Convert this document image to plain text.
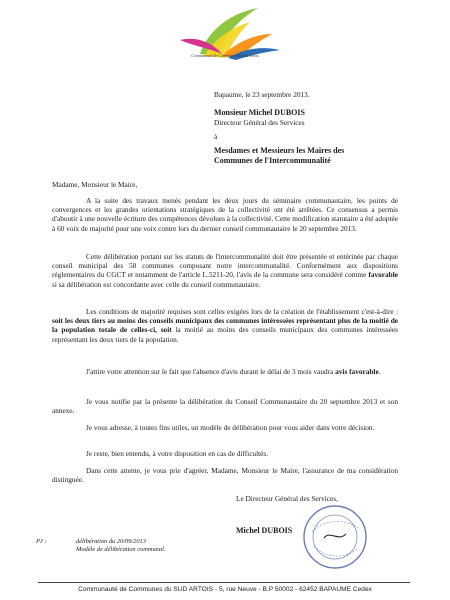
Communauté de Communes du Sud Artois
Bapaume, le 23 septembre 2013.
Monsieur Michel DUBOIS
Directeur Général des Services
à
Mesdames et Messieurs les Maires des
Communes de l'Intercommunalité
Madame, Monsieur le Maire,
A la suite des travaux menés pendant les deux jours du séminaire communautaire, les points de convergences et les grandes orientations stratégiques de la collectivité ont été arrêtées. Ce consensus a permis d'aboutir à une nouvelle écriture des compétences dévolues à la collectivité. Cette modification statutaire a été adoptée à 60 voix de majorité pour une voix contre lors du dernier conseil communautaire le 20 septembre 2013.
Cette délibération portant sur les statuts de l'intercommunalité doit être présentée et entérinée par chaque conseil municipal des 58 communes composant notre intercommunalité. Conformément aux dispositions réglementaires du CGCT et notamment de l'article L.5211-20, l'avis de la commune sera considéré comme favorable si sa délibération est concordante avec celle du conseil communautaire.
Les conditions de majorité requises sont celles exigées lors de la création de l'établissement c'est-à-dire : soit les deux tiers au moins des conseils municipaux des communes intéressées représentant plus de la moitié de la population totale de celles-ci, soit la moitié au moins des conseils municipaux des communes intéressées représentant les deux tiers de la population.
J'attire votre attention sur le fait que l'absence d'avis durant le délai de 3 mois vaudra avis favorable.
Je vous notifie par la présente la délibération du Conseil Communautaire du 20 septembre 2013 et son annexe.
Je vous adresse, à toutes fins utiles, un modèle de délibération pour vous aider dans votre décision.
Je reste, bien entendu, à votre disposition en cas de difficultés.
Dans cette attente, je vous prie d'agréer, Madame, Monsieur le Maire, l'assurance de ma considération distinguée.
Le Directeur Général des Services,
Michel DUBOIS
PJ :	délibération du 20/09/2013
Modèle de délibération communal.
Communauté de Communes du SUD ARTOIS - 5, rue Neuve - B.P 50002 - 62452 BAPAUME Cedex
